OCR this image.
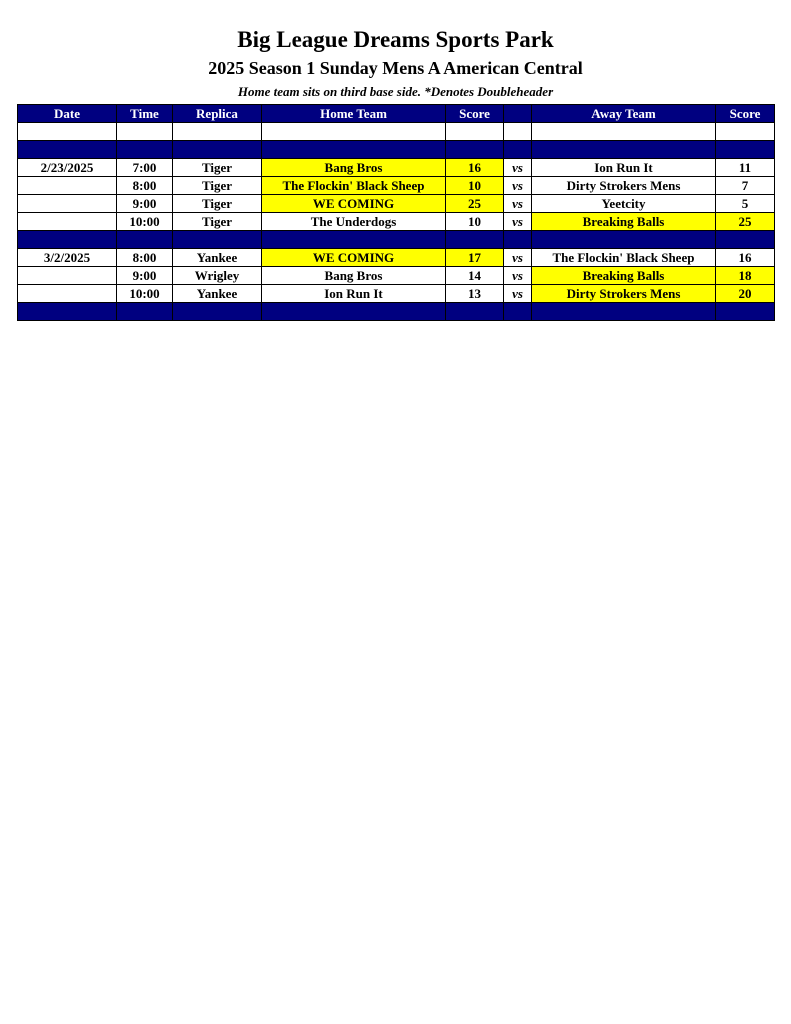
Big League Dreams Sports Park
2025 Season 1 Sunday Mens A American Central
Home team sits on third base side. *Denotes Doubleheader
Date	Time	Replica	Home Team	Score		Away Team	Score

2/23/2025	7:00	Tiger	Bang Bros	16	vs	Ion Run It	11
	8:00	Tiger	The Flockin' Black Sheep	10	vs	Dirty Strokers Mens	7
	9:00	Tiger	WE COMING	25	vs	Yeetcity	5
	10:00	Tiger	The Underdogs	10	vs	Breaking Balls	25

3/2/2025	8:00	Yankee	WE COMING	17	vs	The Flockin' Black Sheep	16
	9:00	Wrigley	Bang Bros	14	vs	Breaking Balls	18
	10:00	Yankee	Ion Run It	13	vs	Dirty Strokers Mens	20
